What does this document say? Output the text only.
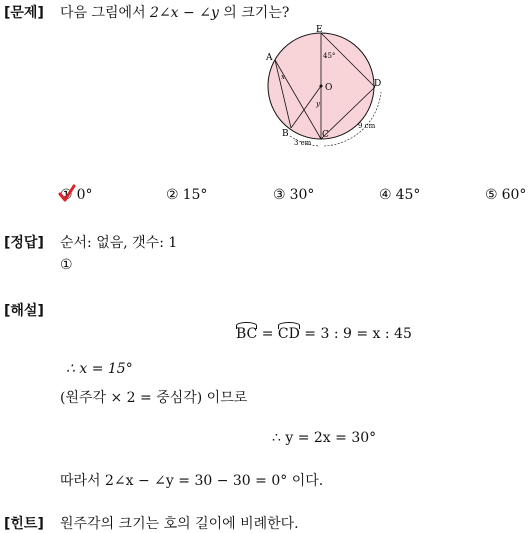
[문제] 다음 그림에서 2∠x − ∠y 의 크기는?
E
A
D
O
B	C
x
y
45°
3 cm
9 cm
① 0°	② 15°	③ 30°	④ 45°	⑤ 60°
[정답] 순서: 없음, 갯수: 1
①
[해설]
BC = CD = 3 : 9 = x : 45
∴ x = 15°
(원주각 × 2 = 중심각) 이므로
∴ y = 2x = 30°
따라서 2∠x − ∠y = 30 − 30 = 0° 이다.
[힌트] 원주각의 크기는 호의 길이에 비례한다.
